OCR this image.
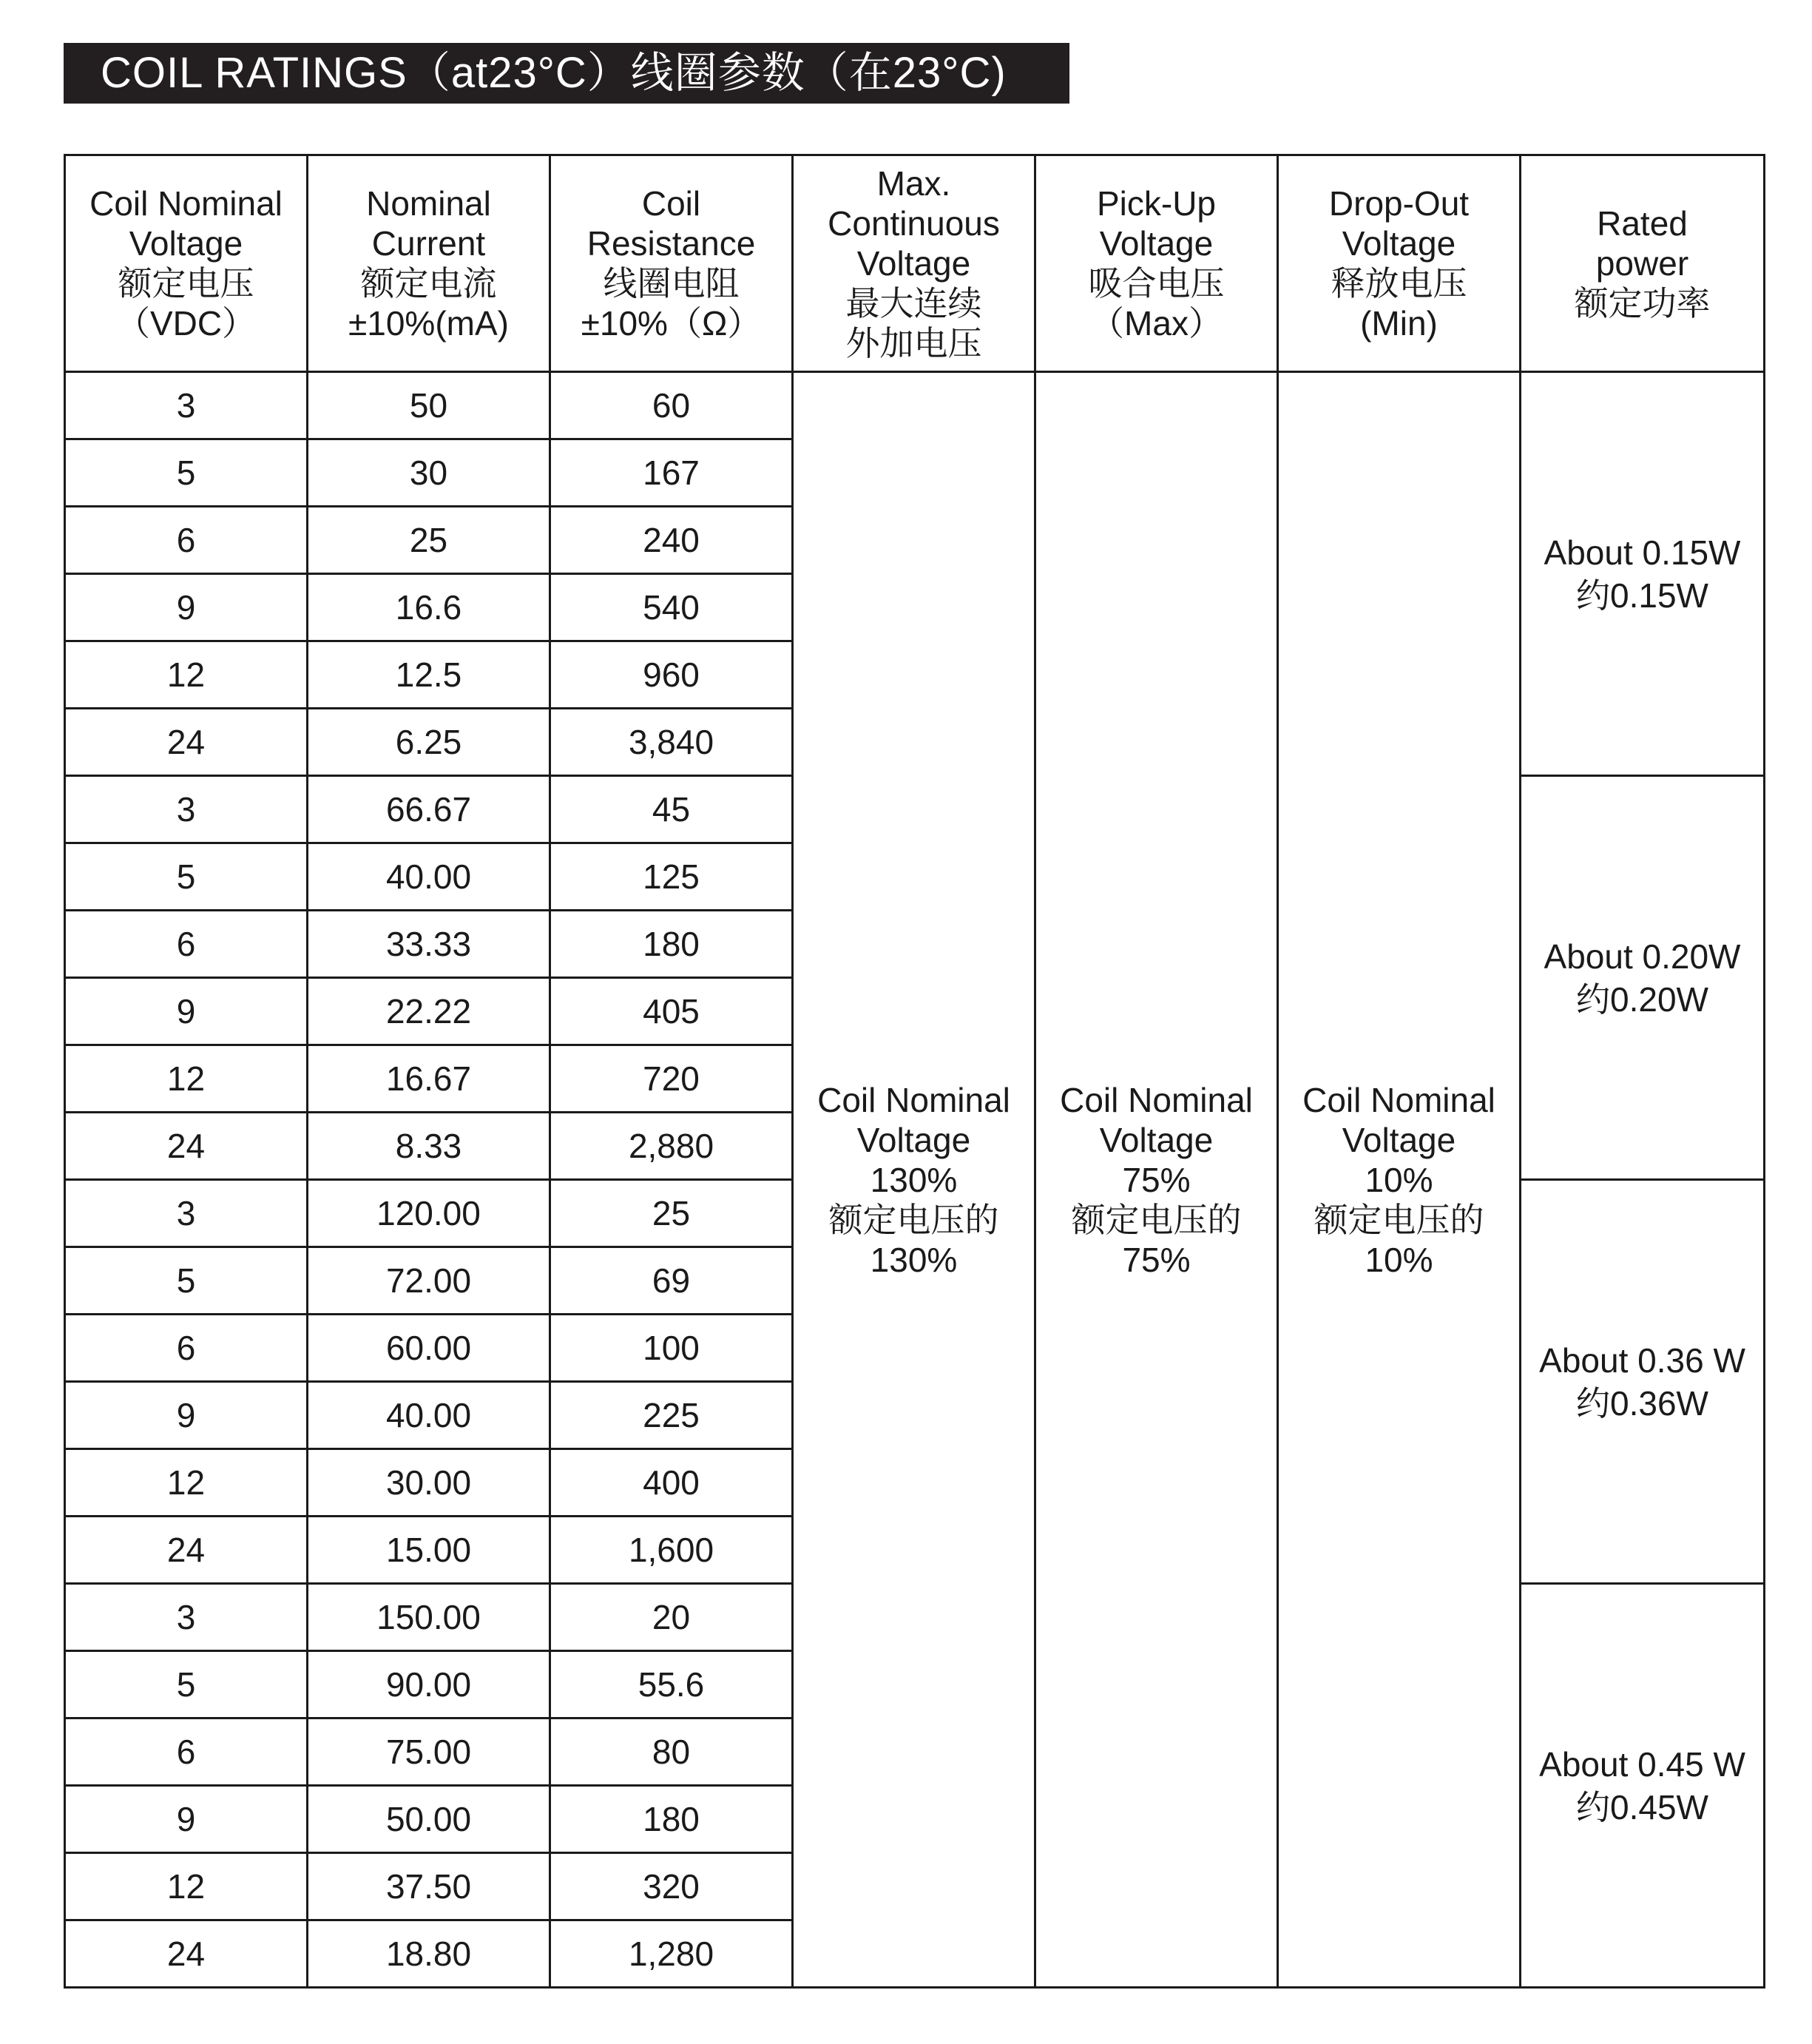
COIL RATINGS（at23°C）线圈参数（在23°C)
Coil Nominal
Voltage
额定电压
（VDC）	Nominal
Current
额定电流
±10%(mA)	Coil
Resistance
线圈电阻
±10%（Ω）	Max.
Continuous
Voltage
最大连续
外加电压	Pick-Up
Voltage
吸合电压
（Max）	Drop-Out
Voltage
释放电压
(Min)	Rated
power
额定功率

3	50	60	Coil Nominal
Voltage
130%
额定电压的
130%	Coil Nominal
Voltage
75%
额定电压的
75%	Coil Nominal
Voltage
10%
额定电压的
10%	About 0.15W
约0.15W

5	30	167				
6	25	240				
9	16.6	540				
12	12.5	960				
24	6.25	3,840				
3	66.67	45				About 0.20W
约0.20W

5	40.00	125				
6	33.33	180				
9	22.22	405				
12	16.67	720				
24	8.33	2,880				
3	120.00	25				About 0.36 W
约0.36W

5	72.00	69				
6	60.00	100				
9	40.00	225				
12	30.00	400				
24	15.00	1,600				
3	150.00	20				About 0.45 W
约0.45W

5	90.00	55.6				
6	75.00	80				
9	50.00	180				
12	37.50	320				
24	18.80	1,280				
